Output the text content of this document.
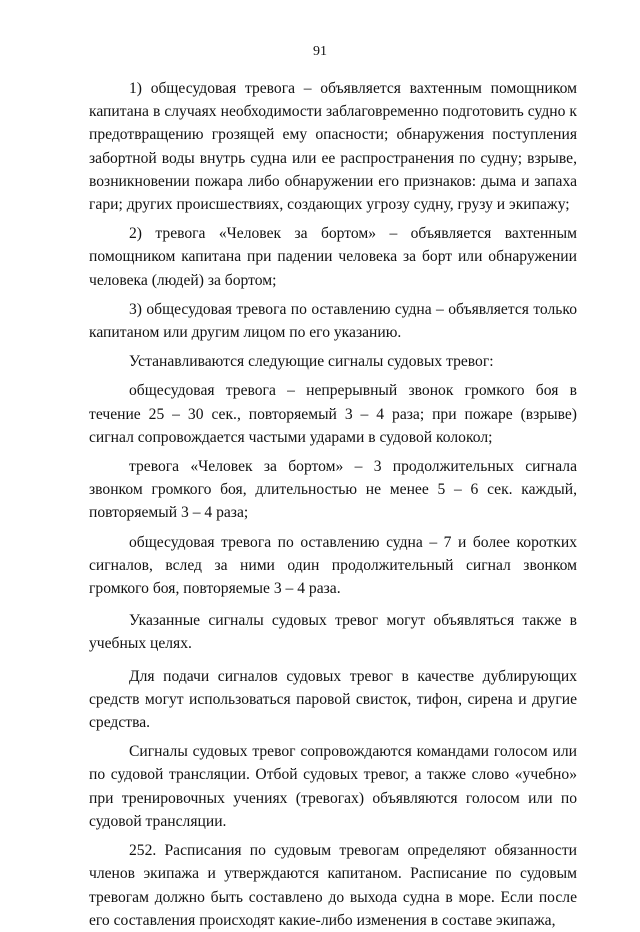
91

1) общесудовая тревога – объявляется вахтенным помощником капитана в случаях необходимости заблаговременно подготовить судно к предотвращению грозящей ему опасности; обнаружения поступления забортной воды внутрь судна или ее распространения по судну; взрыве, возникновении пожара либо обнаружении его признаков: дыма и запаха гари; других происшествиях, создающих угрозу судну, грузу и экипажу;

2) тревога «Человек за бортом» – объявляется вахтенным помощником капитана при падении человека за борт или обнаружении человека (людей) за бортом;

3) общесудовая тревога по оставлению судна – объявляется только капитаном или другим лицом по его указанию.

Устанавливаются следующие сигналы судовых тревог:

общесудовая тревога – непрерывный звонок громкого боя в течение 25 – 30 сек., повторяемый 3 – 4 раза; при пожаре (взрыве) сигнал сопровождается частыми ударами в судовой колокол;

тревога «Человек за бортом» – 3 продолжительных сигнала звонком громкого боя, длительностью не менее 5 – 6 сек. каждый, повторяемый 3 – 4 раза;

общесудовая тревога по оставлению судна – 7 и более коротких сигналов, вслед за ними один продолжительный сигнал звонком громкого боя, повторяемые 3 – 4 раза.

Указанные сигналы судовых тревог могут объявляться также в учебных целях.

Для подачи сигналов судовых тревог в качестве дублирующих средств могут использоваться паровой свисток, тифон, сирена и другие средства.

Сигналы судовых тревог сопровождаются командами голосом или по судовой трансляции. Отбой судовых тревог, а также слово «учебно» при тренировочных учениях (тревогах) объявляются голосом или по судовой трансляции.

252. Расписания по судовым тревогам определяют обязанности членов экипажа и утверждаются капитаном. Расписание по судовым тревогам должно быть составлено до выхода судна в море. Если после его составления происходят какие-либо изменения в составе экипажа,
